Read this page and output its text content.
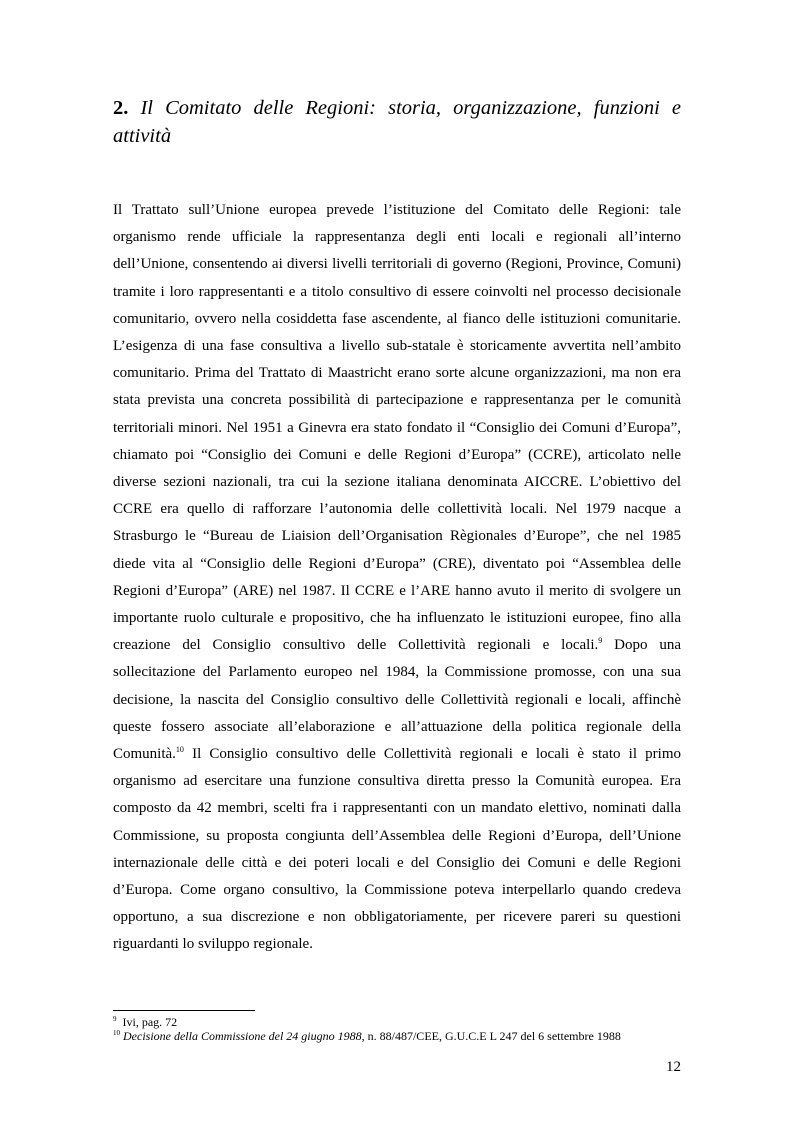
2. Il Comitato delle Regioni: storia, organizzazione, funzioni e attività

Il Trattato sull’Unione europea prevede l’istituzione del Comitato delle Regioni: tale organismo rende ufficiale la rappresentanza degli enti locali e regionali all’interno dell’Unione, consentendo ai diversi livelli territoriali di governo (Regioni, Province, Comuni) tramite i loro rappresentanti e a titolo consultivo di essere coinvolti nel processo decisionale comunitario, ovvero nella cosiddetta fase ascendente, al fianco delle istituzioni comunitarie. L’esigenza di una fase consultiva a livello sub-statale è storicamente avvertita nell’ambito comunitario. Prima del Trattato di Maastricht erano sorte alcune organizzazioni, ma non era stata prevista una concreta possibilità di partecipazione e rappresentanza per le comunità territoriali minori. Nel 1951 a Ginevra era stato fondato il “Consiglio dei Comuni d’Europa”, chiamato poi “Consiglio dei Comuni e delle Regioni d’Europa” (CCRE), articolato nelle diverse sezioni nazionali, tra cui la sezione italiana denominata AICCRE. L’obiettivo del CCRE era quello di rafforzare l’autonomia delle collettività locali. Nel 1979 nacque a Strasburgo le “Bureau de Liaision dell’Organisation Règionales d’Europe”, che nel 1985 diede vita al “Consiglio delle Regioni d’Europa” (CRE), diventato poi “Assemblea delle Regioni d’Europa” (ARE) nel 1987. Il CCRE e l’ARE hanno avuto il merito di svolgere un importante ruolo culturale e propositivo, che ha influenzato le istituzioni europee, fino alla creazione del Consiglio consultivo delle Collettività regionali e locali.$^9$ Dopo una sollecitazione del Parlamento europeo nel 1984, la Commissione promosse, con una sua decisione, la nascita del Consiglio consultivo delle Collettività regionali e locali, affinchè queste fossero associate all’elaborazione e all’attuazione della politica regionale della Comunità.$^{10}$ Il Consiglio consultivo delle Collettività regionali e locali è stato il primo organismo ad esercitare una funzione consultiva diretta presso la Comunità europea. Era composto da 42 membri, scelti fra i rappresentanti con un mandato elettivo, nominati dalla Commissione, su proposta congiunta dell’Assemblea delle Regioni d’Europa, dell’Unione internazionale delle città e dei poteri locali e del Consiglio dei Comuni e delle Regioni d’Europa. Come organo consultivo, la Commissione poteva interpellarlo quando credeva opportuno, a sua discrezione e non obbligatoriamente, per ricevere pareri su questioni riguardanti lo sviluppo regionale.

$^9$ Ivi, pag. 72

$^{10}$ Decisione della Commissione del 24 giugno 1988, n. 88/487/CEE, G.U.C.E L 247 del 6 settembre 1988

12
